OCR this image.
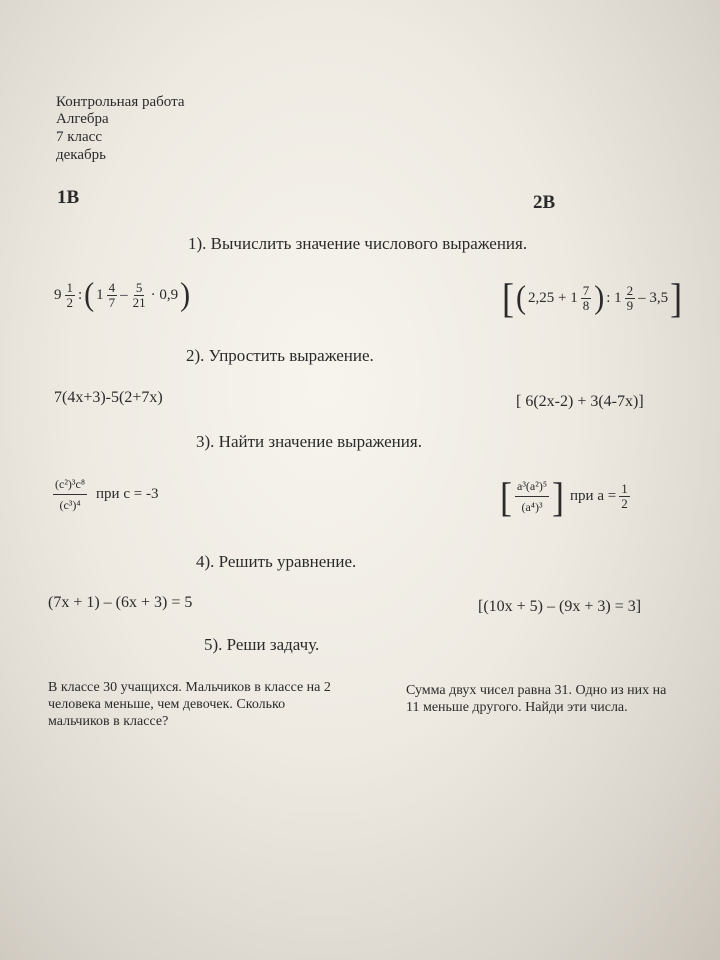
Контрольная работа
Алгебра
7 класс
декабрь
1В	2В
1). Вычислить значение числового выражения.
$9 \frac{1}{2}$ : ( $1 \frac{4}{7} - \frac{5}{21} \cdot 0,9$ )	[ ( $2,25 + 1 \frac{7}{8}$ ) : $1 \frac{2}{9} - 3,5$ ]
2). Упростить выражение.
7(4x+3)-5(2+7x)	[ 6(2x-2) + 3(4-7x)]
3). Найти значение выражения.
$\frac{\text{(c²)³c⁸}}{\text{(c³)⁴}}$ при с = -3	[ $\frac{\text{a³(a²)⁵}}{\text{(a⁴)³}}$ ] при $а = \frac{1}{2}$
4). Решить уравнение.
(7x + 1) – (6x + 3) = 5	[(10x + 5) – (9x + 3) = 3]
5). Реши задачу.
В классе 30 учащихся. Мальчиков в классе на 2 человека меньше, чем девочек. Сколько мальчиков в классе?
Сумма двух чисел равна 31. Одно из них на 11 меньше другого. Найди эти числа.
